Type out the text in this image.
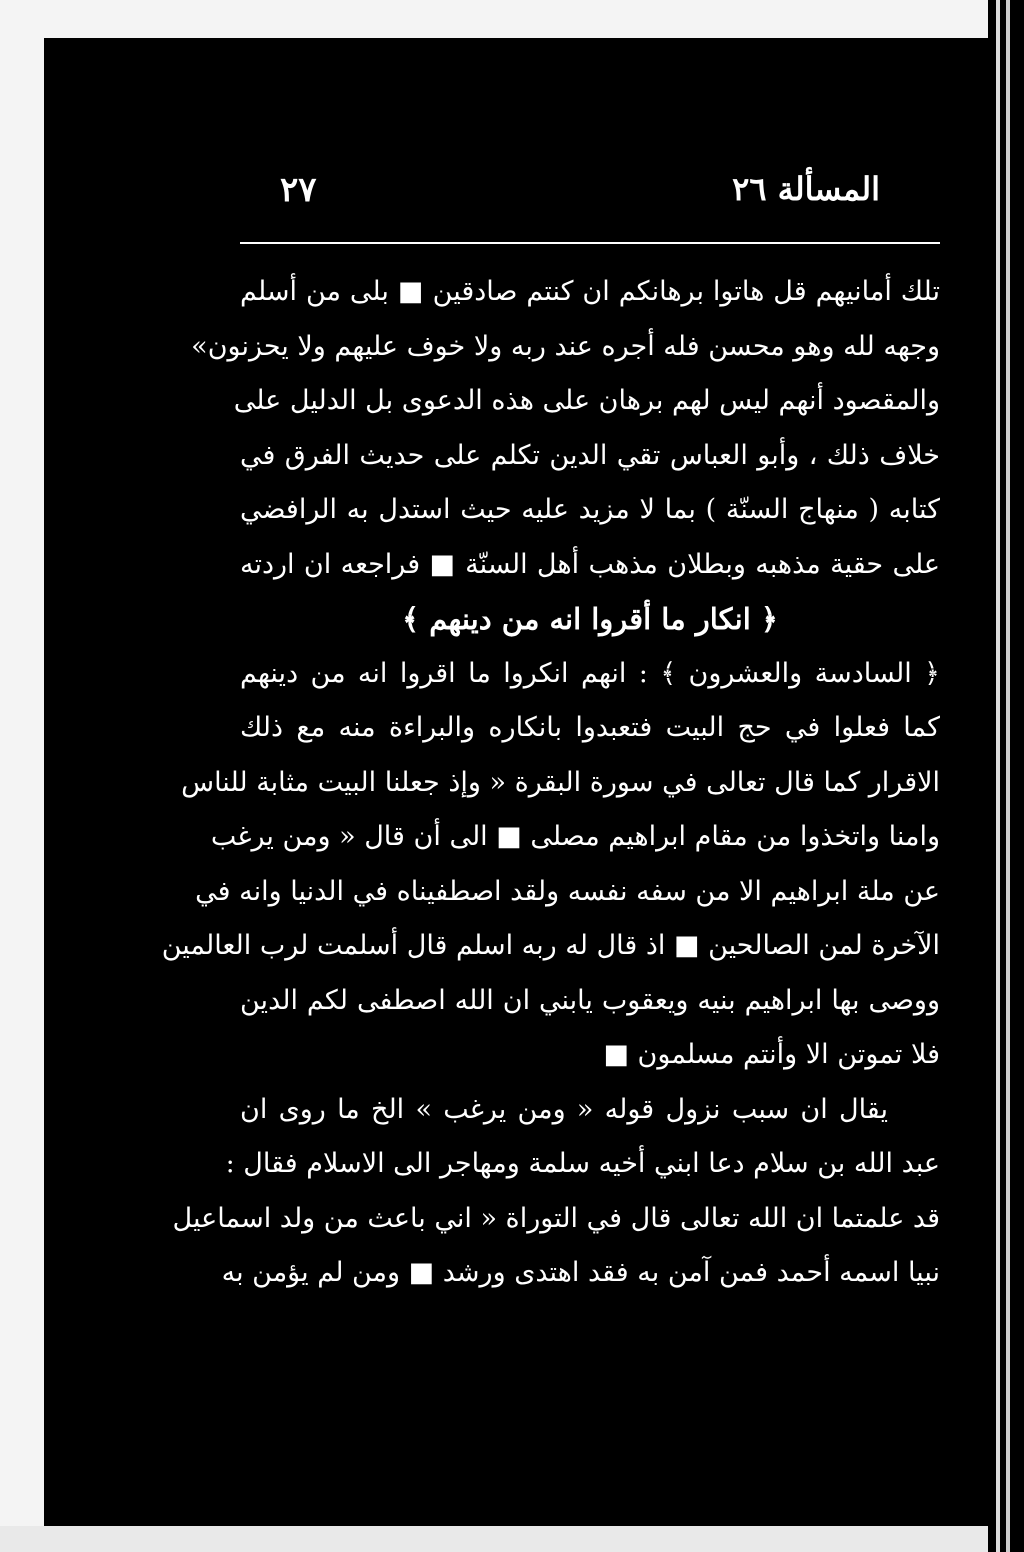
المسألة ٢٦
٢٧
تلك أمانيهم قل هاتوا برهانكم ان كنتم صادقين ■ بلى من أسلم
وجهه لله وهو محسن فله أجره عند ربه ولا خوف عليهم ولا يحزنون»
والمقصود أنهم ليس لهم برهان على هذه الدعوى بل الدليل على
خلاف ذلك ، وأبو العباس تقي الدين تكلم على حديث الفرق في
كتابه ( منهاج السنّة ) بما لا مزيد عليه حيث استدل به الرافضي
على حقية مذهبه وبطلان مذهب أهل السنّة ■ فراجعه ان اردته
﴿ انكار ما أقروا انه من دينهم ﴾
﴿ السادسة والعشرون ﴾ : انهم انكروا ما اقروا انه من دينهم
كما فعلوا في حج البيت فتعبدوا بانكاره والبراءة منه مع ذلك
الاقرار كما قال تعالى في سورة البقرة « وإذ جعلنا البيت مثابة للناس
وامنا واتخذوا من مقام ابراهيم مصلى ■ الى أن قال « ومن يرغب
عن ملة ابراهيم الا من سفه نفسه ولقد اصطفيناه في الدنيا وانه في
الآخرة لمن الصالحين ■ اذ قال له ربه اسلم قال أسلمت لرب العالمين
ووصى بها ابراهيم بنيه ويعقوب يابني ان الله اصطفى لكم الدين
فلا تموتن الا وأنتم مسلمون ■
يقال ان سبب نزول قوله « ومن يرغب » الخ ما روى ان
عبد الله بن سلام دعا ابني أخيه سلمة ومهاجر الى الاسلام فقال :
قد علمتما ان الله تعالى قال في التوراة « اني باعث من ولد اسماعيل
نبيا اسمه أحمد فمن آمن به فقد اهتدى ورشد ■ ومن لم يؤمن به
